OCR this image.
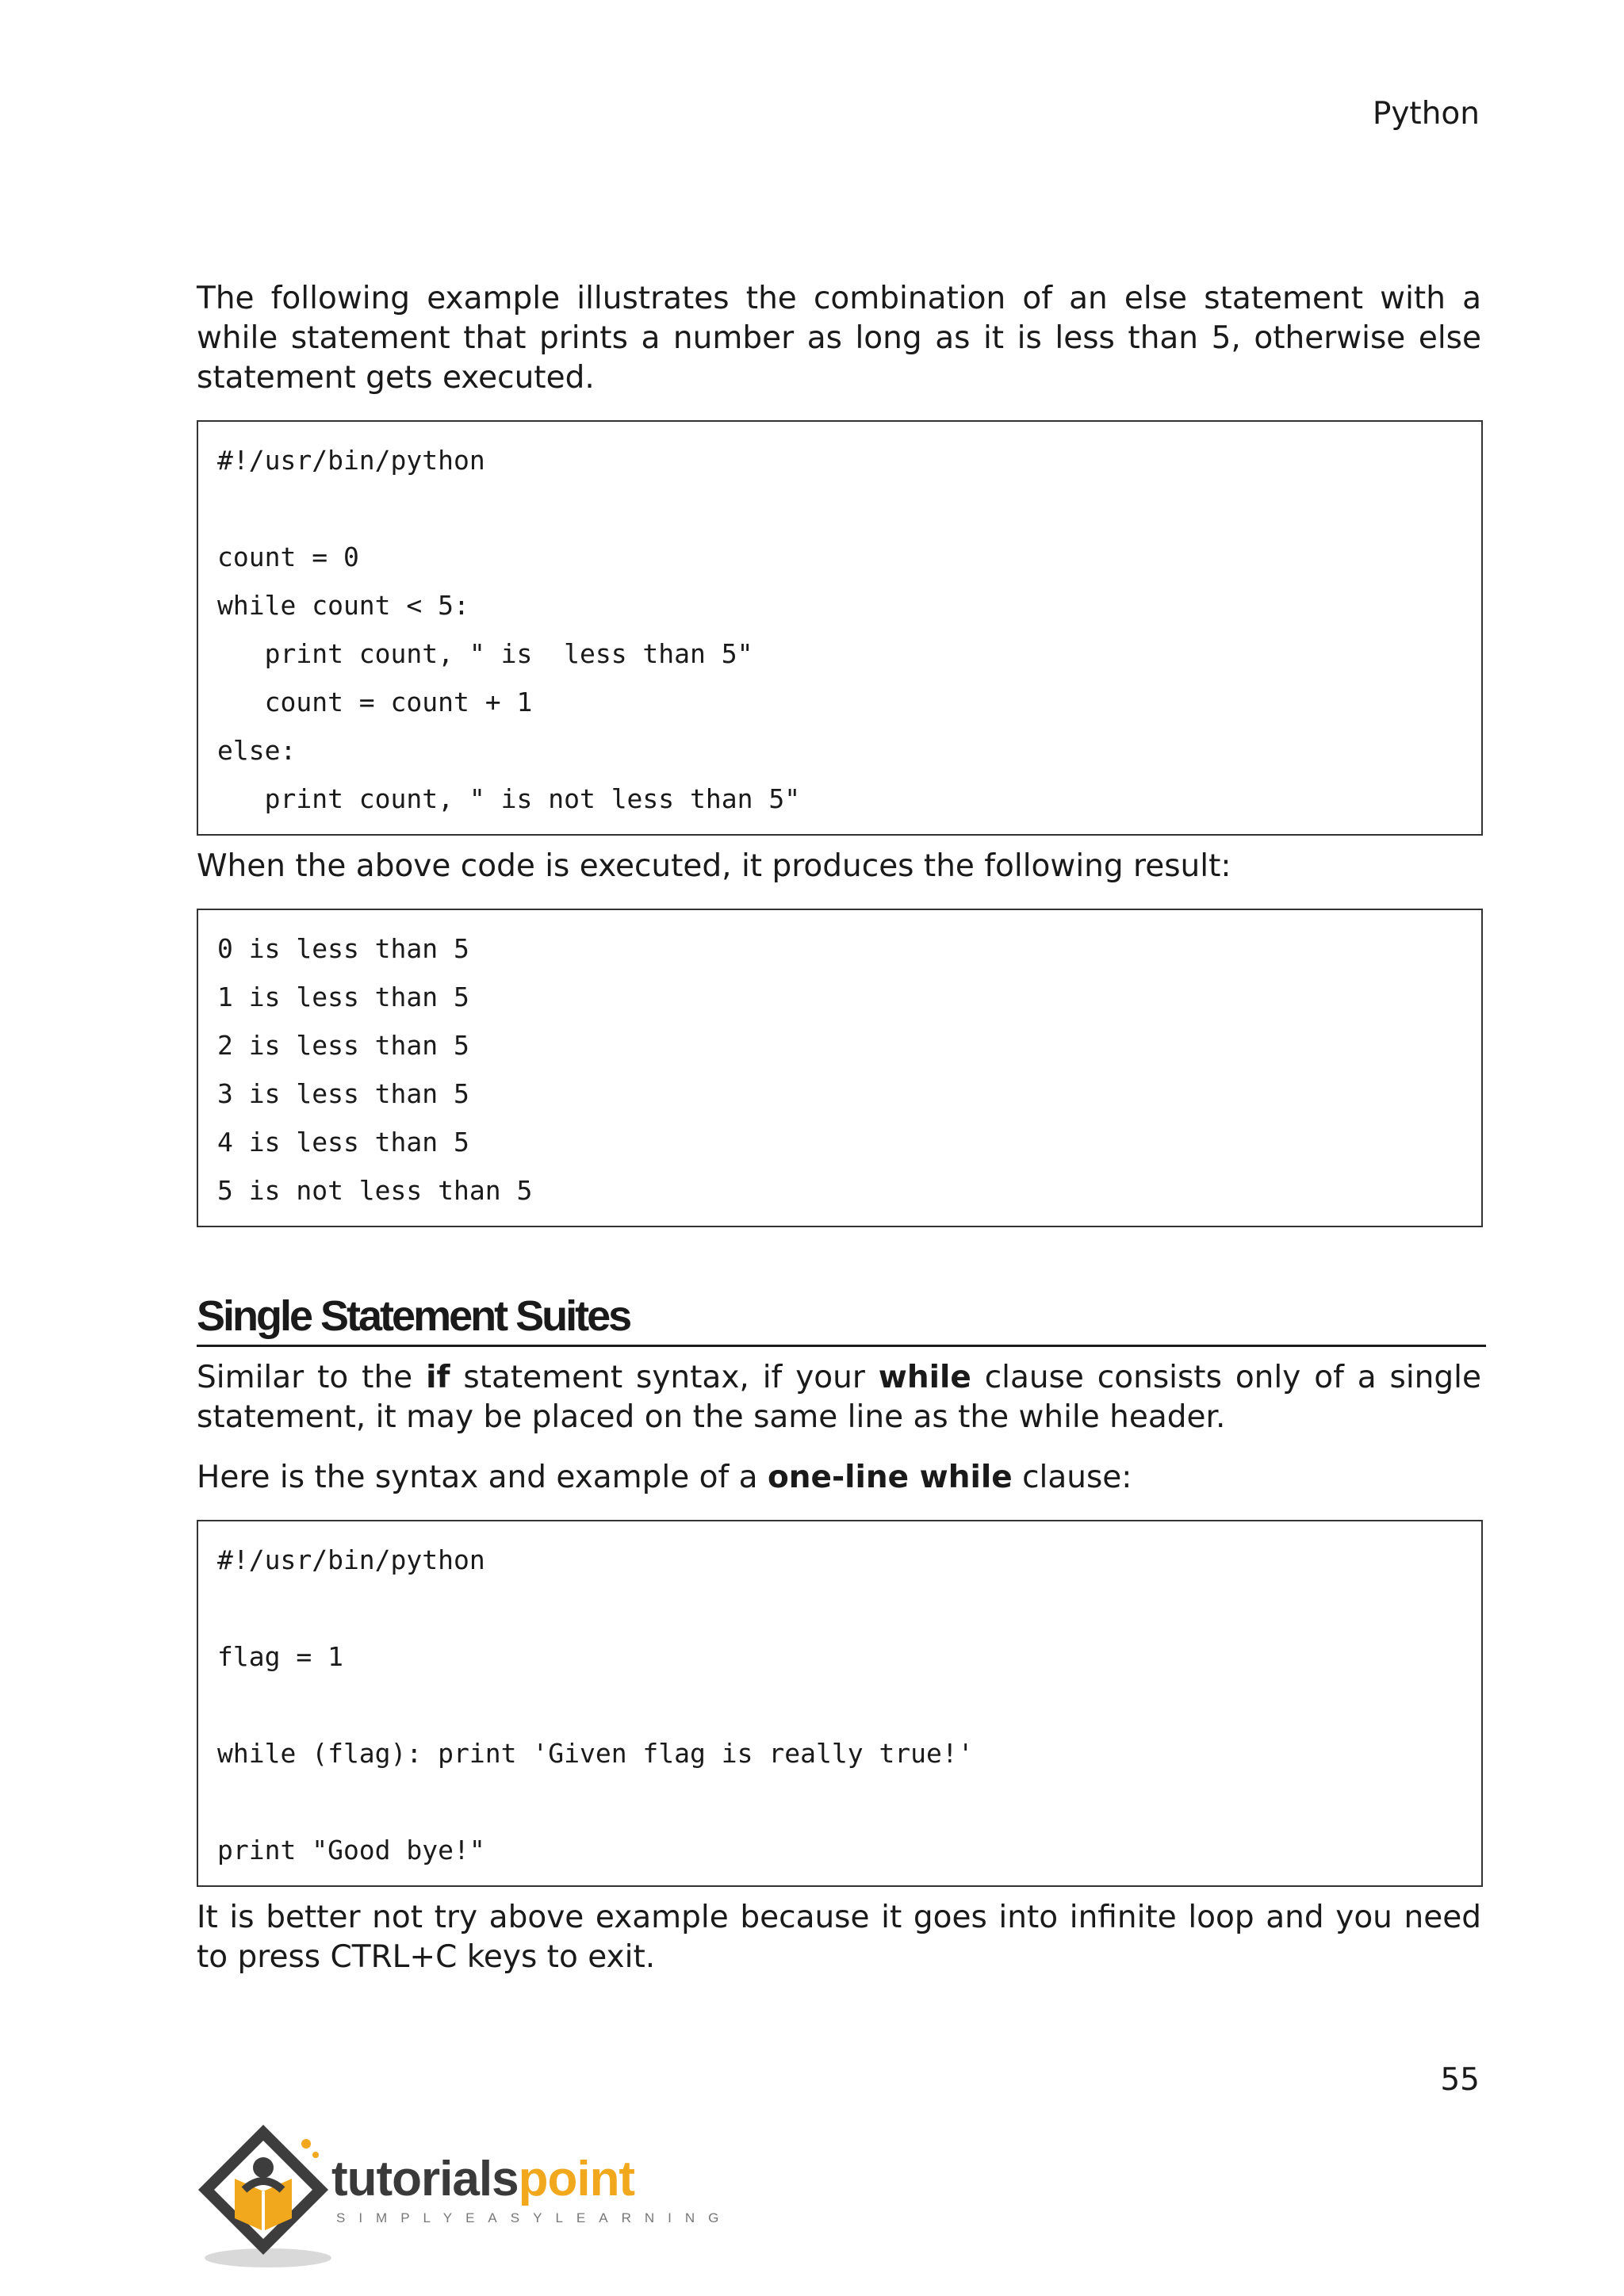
Python

The following example illustrates the combination of an else statement with a while statement that prints a number as long as it is less than 5, otherwise else statement gets executed.

#!/usr/bin/python
count = 0
while count < 5:
print count, " is  less than 5"
count = count + 1
else:
print count, " is not less than 5"

When the above code is executed, it produces the following result:

0 is less than 5
1 is less than 5
2 is less than 5
3 is less than 5
4 is less than 5
5 is not less than 5
Single Statement Suites

Similar to the if statement syntax, if your while clause consists only of a single statement, it may be placed on the same line as the while header.

Here is the syntax and example of a one-line while clause:

#!/usr/bin/python
flag = 1
while (flag): print 'Given flag is really true!'
print "Good bye!"

It is better not try above example because it goes into infinite loop and you need to press CTRL+C keys to exit.

55
tutorialspoint
SIMPLYEASYLEARNING
